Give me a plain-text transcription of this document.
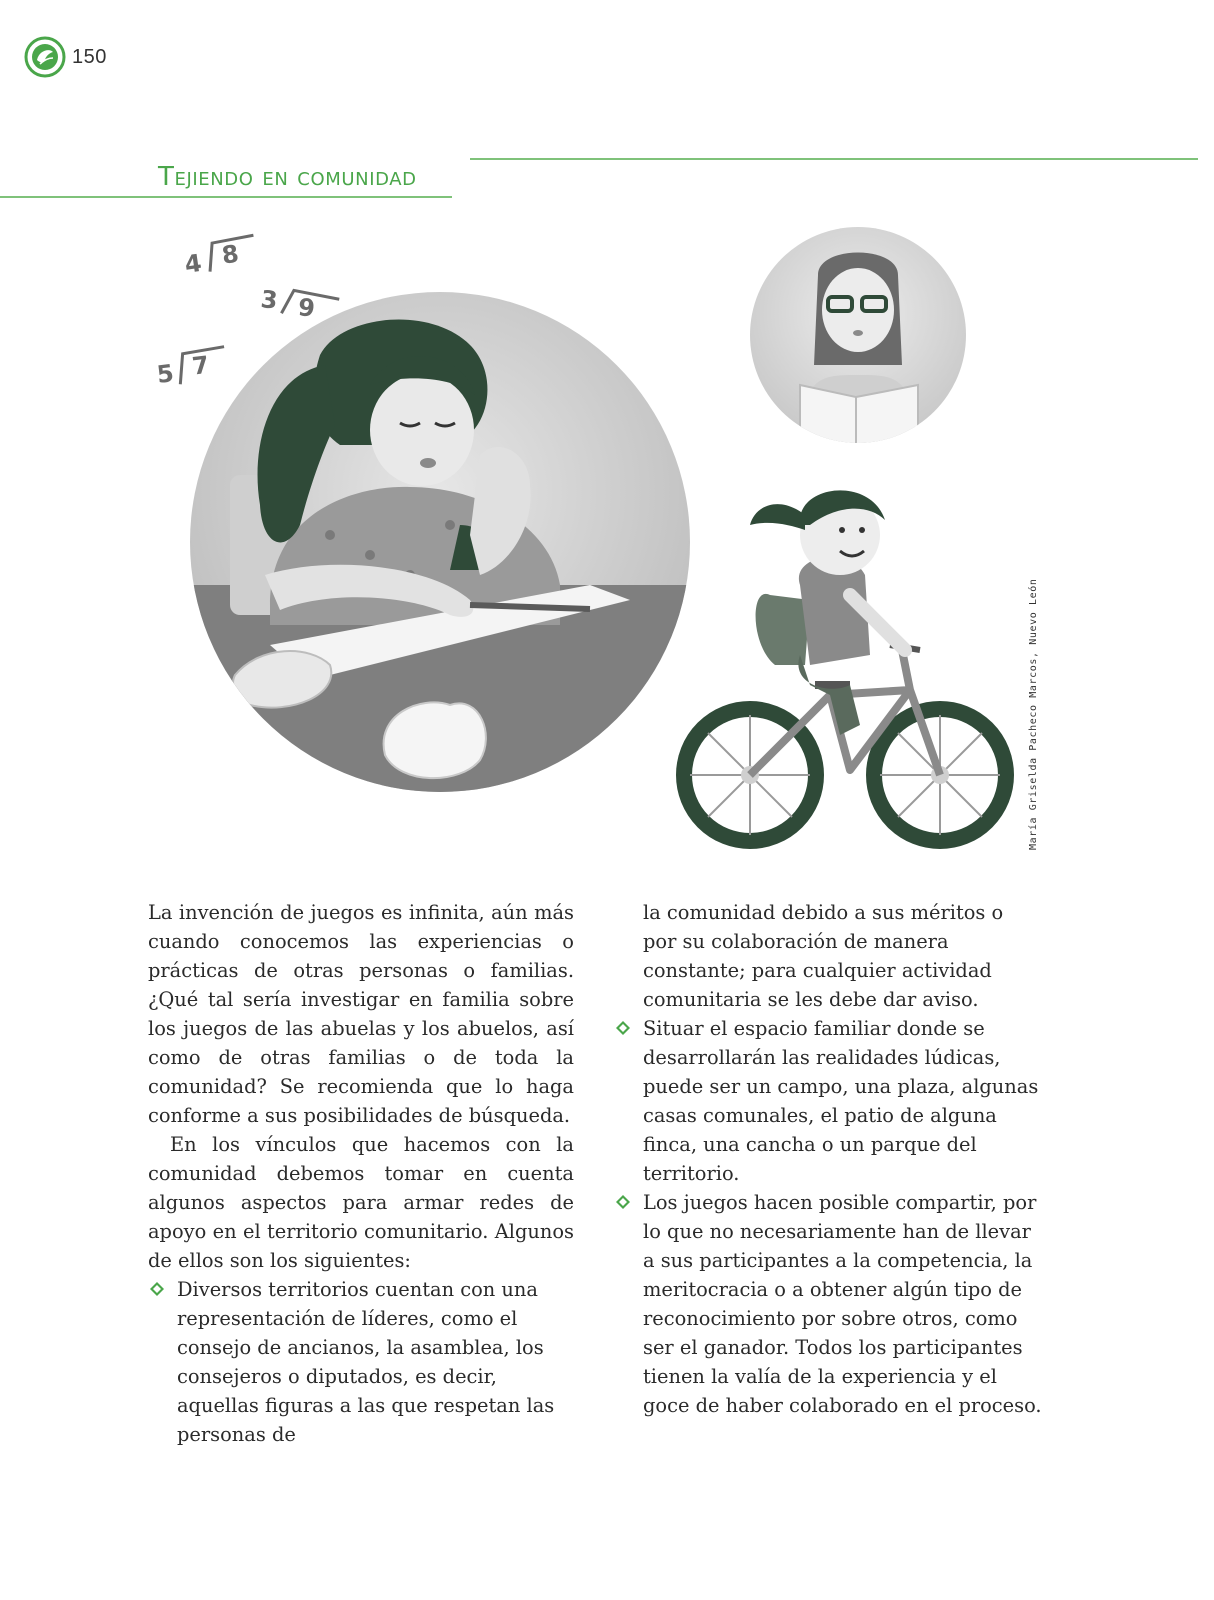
150
Tejiendo en comunidad
4 8
3 9
5 7
María Griselda Pacheco Marcos, Nuevo León

La invención de juegos es infinita, aún más cuando conocemos las experiencias o prácticas de otras personas o familias. ¿Qué tal sería investigar en familia sobre los juegos de las abuelas y los abuelos, así como de otras familias o de toda la comunidad? Se recomienda que lo haga conforme a sus posibilidades de búsqueda.

En los vínculos que hacemos con la comunidad debemos tomar en cuenta algunos aspectos para armar redes de apoyo en el territorio comunitario. Algunos de ellos son los siguientes:

Diversos territorios cuentan con una representación de líderes, como el consejo de ancianos, la asamblea, los consejeros o diputados, es decir, aquellas figuras a las que respetan las personas de
la comunidad debido a sus méritos o por su colaboración de manera constante; para cualquier actividad comunitaria se les debe dar aviso.
Situar el espacio familiar donde se desarrollarán las realidades lúdicas, puede ser un campo, una plaza, algunas casas comunales, el patio de alguna finca, una cancha o un parque del territorio.
Los juegos hacen posible compartir, por lo que no necesariamente han de llevar a sus participantes a la competencia, la meritocracia o a obtener algún tipo de reconocimiento por sobre otros, como ser el ganador. Todos los participantes tienen la valía de la experiencia y el goce de haber colaborado en el proceso.
